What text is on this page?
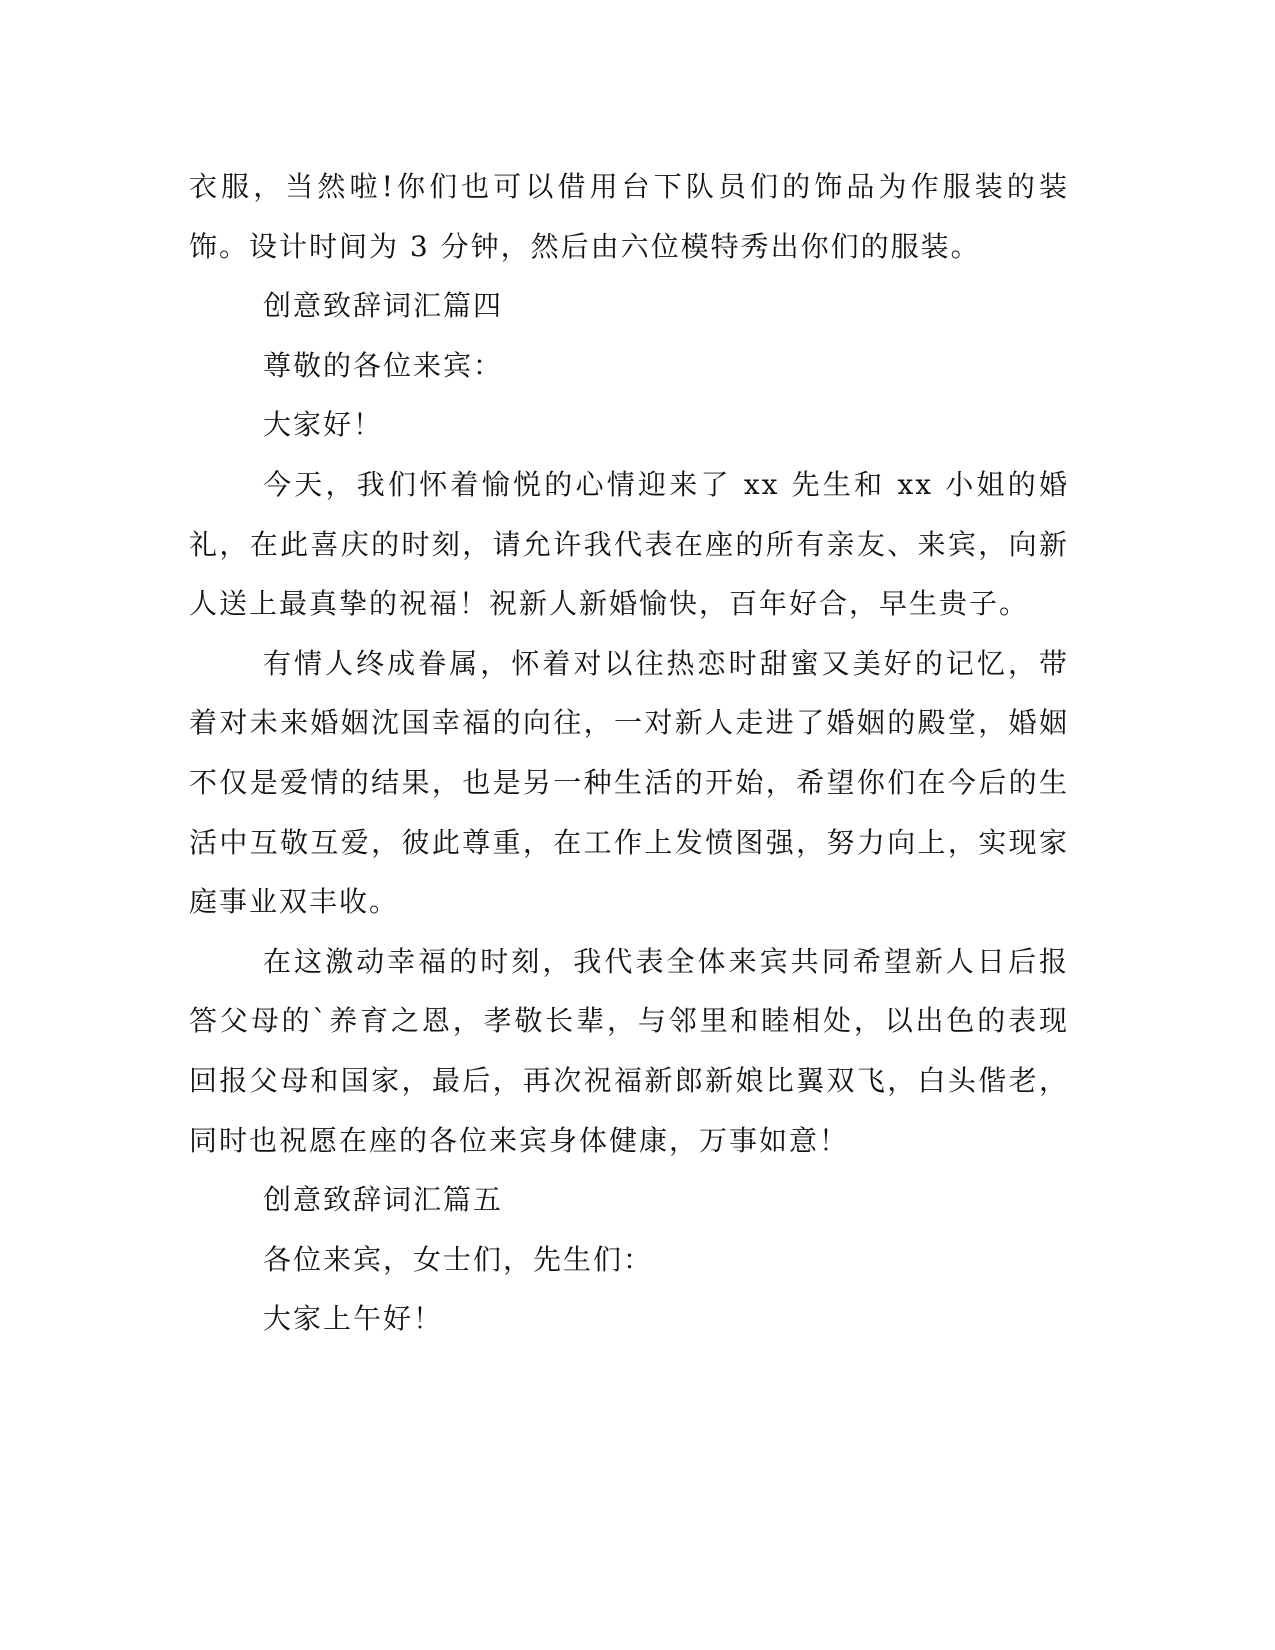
衣服，当然啦!你们也可以借用台下队员们的饰品为作服装的装饰。设计时间为 3 分钟，然后由六位模特秀出你们的服装。

创意致辞词汇篇四

尊敬的各位来宾：

大家好！

今天，我们怀着愉悦的心情迎来了 xx 先生和 xx 小姐的婚礼，在此喜庆的时刻，请允许我代表在座的所有亲友、来宾，向新人送上最真挚的祝福！祝新人新婚愉快，百年好合，早生贵子。

有情人终成眷属，怀着对以往热恋时甜蜜又美好的记忆，带着对未来婚姻沈国幸福的向往，一对新人走进了婚姻的殿堂，婚姻不仅是爱情的结果，也是另一种生活的开始，希望你们在今后的生活中互敬互爱，彼此尊重，在工作上发愤图强，努力向上，实现家庭事业双丰收。

在这激动幸福的时刻，我代表全体来宾共同希望新人日后报答父母的`养育之恩，孝敬长辈，与邻里和睦相处，以出色的表现回报父母和国家，最后，再次祝福新郎新娘比翼双飞，白头偕老，同时也祝愿在座的各位来宾身体健康，万事如意！

创意致辞词汇篇五

各位来宾，女士们，先生们：

大家上午好！
